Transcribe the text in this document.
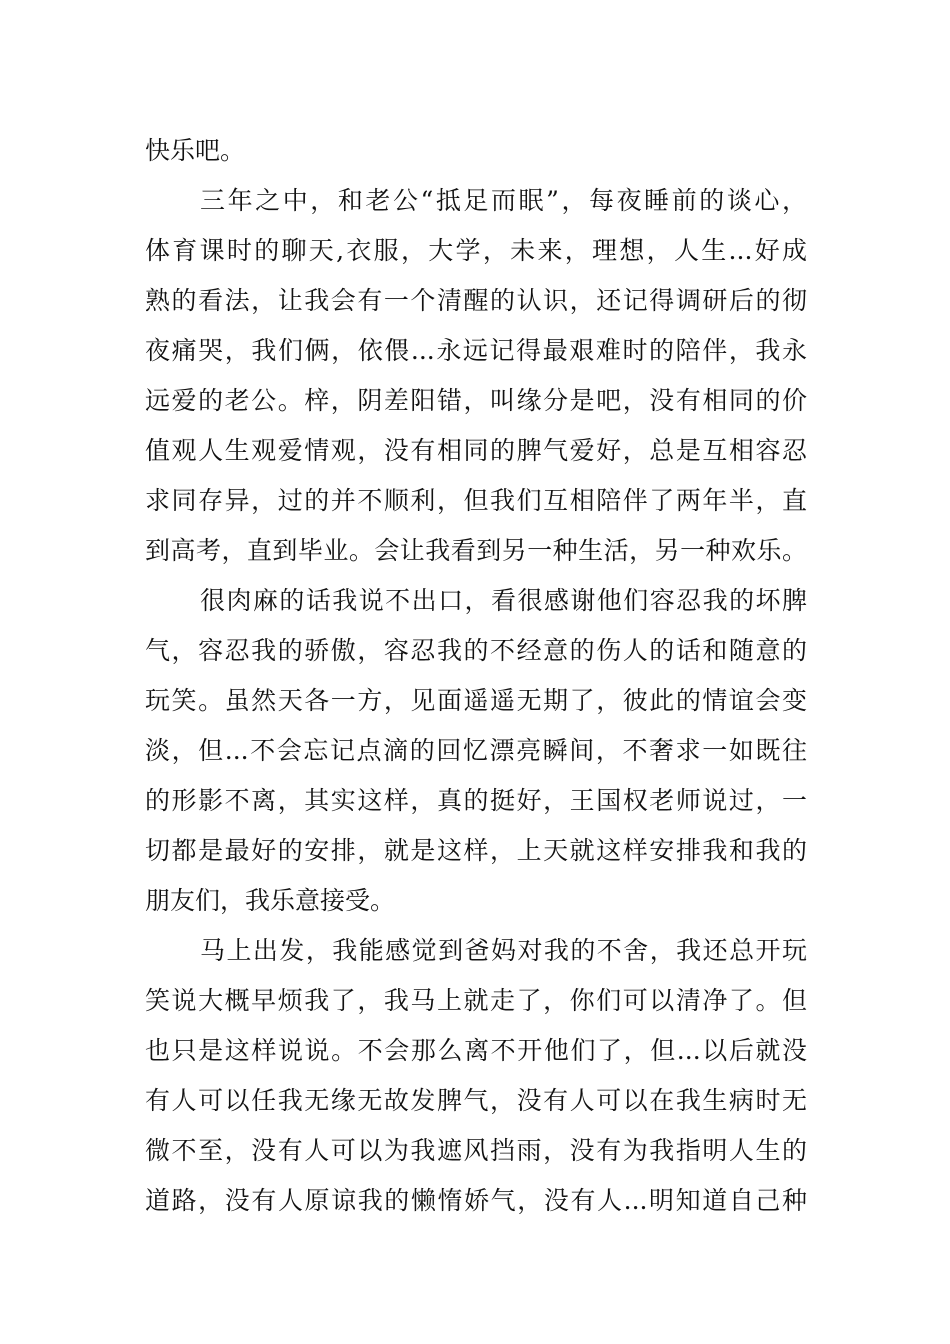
快乐吧。
三年之中，和老公“抵足而眠”，每夜睡前的谈心，
体育课时的聊天,衣服，大学，未来，理想，人生...好成
熟的看法，让我会有一个清醒的认识，还记得调研后的彻
夜痛哭，我们俩，依偎...永远记得最艰难时的陪伴，我永
远爱的老公。梓，阴差阳错，叫缘分是吧，没有相同的价
值观人生观爱情观，没有相同的脾气爱好，总是互相容忍
求同存异，过的并不顺利，但我们互相陪伴了两年半，直
到高考，直到毕业。会让我看到另一种生活，另一种欢乐。
很肉麻的话我说不出口，看很感谢他们容忍我的坏脾
气，容忍我的骄傲，容忍我的不经意的伤人的话和随意的
玩笑。虽然天各一方，见面遥遥无期了，彼此的情谊会变
淡，但...不会忘记点滴的回忆漂亮瞬间，不奢求一如既往
的形影不离，其实这样，真的挺好，王国权老师说过，一
切都是最好的安排，就是这样，上天就这样安排我和我的
朋友们，我乐意接受。
马上出发，我能感觉到爸妈对我的不舍，我还总开玩
笑说大概早烦我了，我马上就走了，你们可以清净了。但
也只是这样说说。不会那么离不开他们了，但...以后就没
有人可以任我无缘无故发脾气，没有人可以在我生病时无
微不至，没有人可以为我遮风挡雨，没有为我指明人生的
道路，没有人原谅我的懒惰娇气，没有人...明知道自己种
